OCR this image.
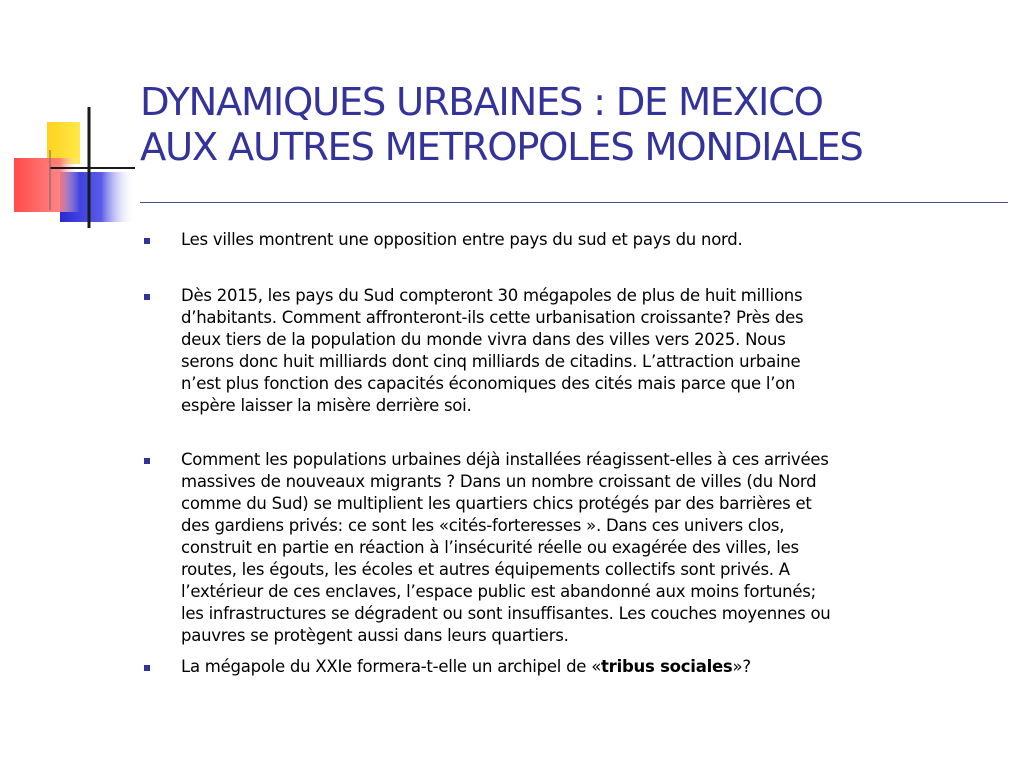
DYNAMIQUES URBAINES : DE MEXICO
AUX AUTRES METROPOLES MONDIALES
Les villes montrent une opposition entre pays du sud et pays du nord.
Dès 2015, les pays du Sud compteront 30 mégapoles de plus de huit millions
d’habitants. Comment affronteront-ils cette urbanisation croissante? Près des
deux tiers de la population du monde vivra dans des villes vers 2025. Nous
serons donc huit milliards dont cinq milliards de citadins. L’attraction urbaine
n’est plus fonction des capacités économiques des cités mais parce que l’on
espère laisser la misère derrière soi.
Comment les populations urbaines déjà installées réagissent-elles à ces arrivées
massives de nouveaux migrants ? Dans un nombre croissant de villes (du Nord
comme du Sud) se multiplient les quartiers chics protégés par des barrières et
des gardiens privés: ce sont les «cités-forteresses ». Dans ces univers clos,
construit en partie en réaction à l’insécurité réelle ou exagérée des villes, les
routes, les égouts, les écoles et autres équipements collectifs sont privés. A
l’extérieur de ces enclaves, l’espace public est abandonné aux moins fortunés;
les infrastructures se dégradent ou sont insuffisantes. Les couches moyennes ou
pauvres se protègent aussi dans leurs quartiers.
La mégapole du XXIe formera-t-elle un archipel de «tribus sociales»?
